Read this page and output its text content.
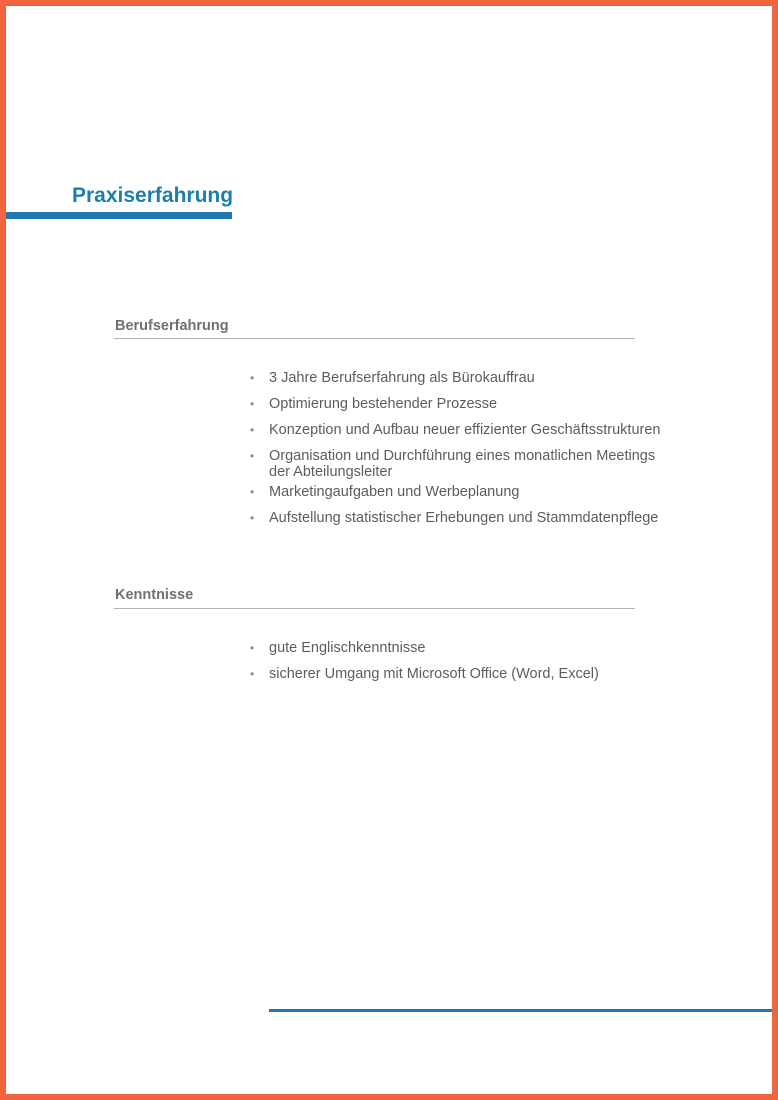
Praxiserfahrung
Berufserfahrung
• 3 Jahre Berufserfahrung als Bürokauffrau
• Optimierung bestehender Prozesse
• Konzeption und Aufbau neuer effizienter Geschäftsstrukturen
• Organisation und Durchführung eines monatlichen Meetings der Abteilungsleiter
• Marketingaufgaben und Werbeplanung
• Aufstellung statistischer Erhebungen und Stammdatenpflege
Kenntnisse
• gute Englischkenntnisse
• sicherer Umgang mit Microsoft Office (Word, Excel)
